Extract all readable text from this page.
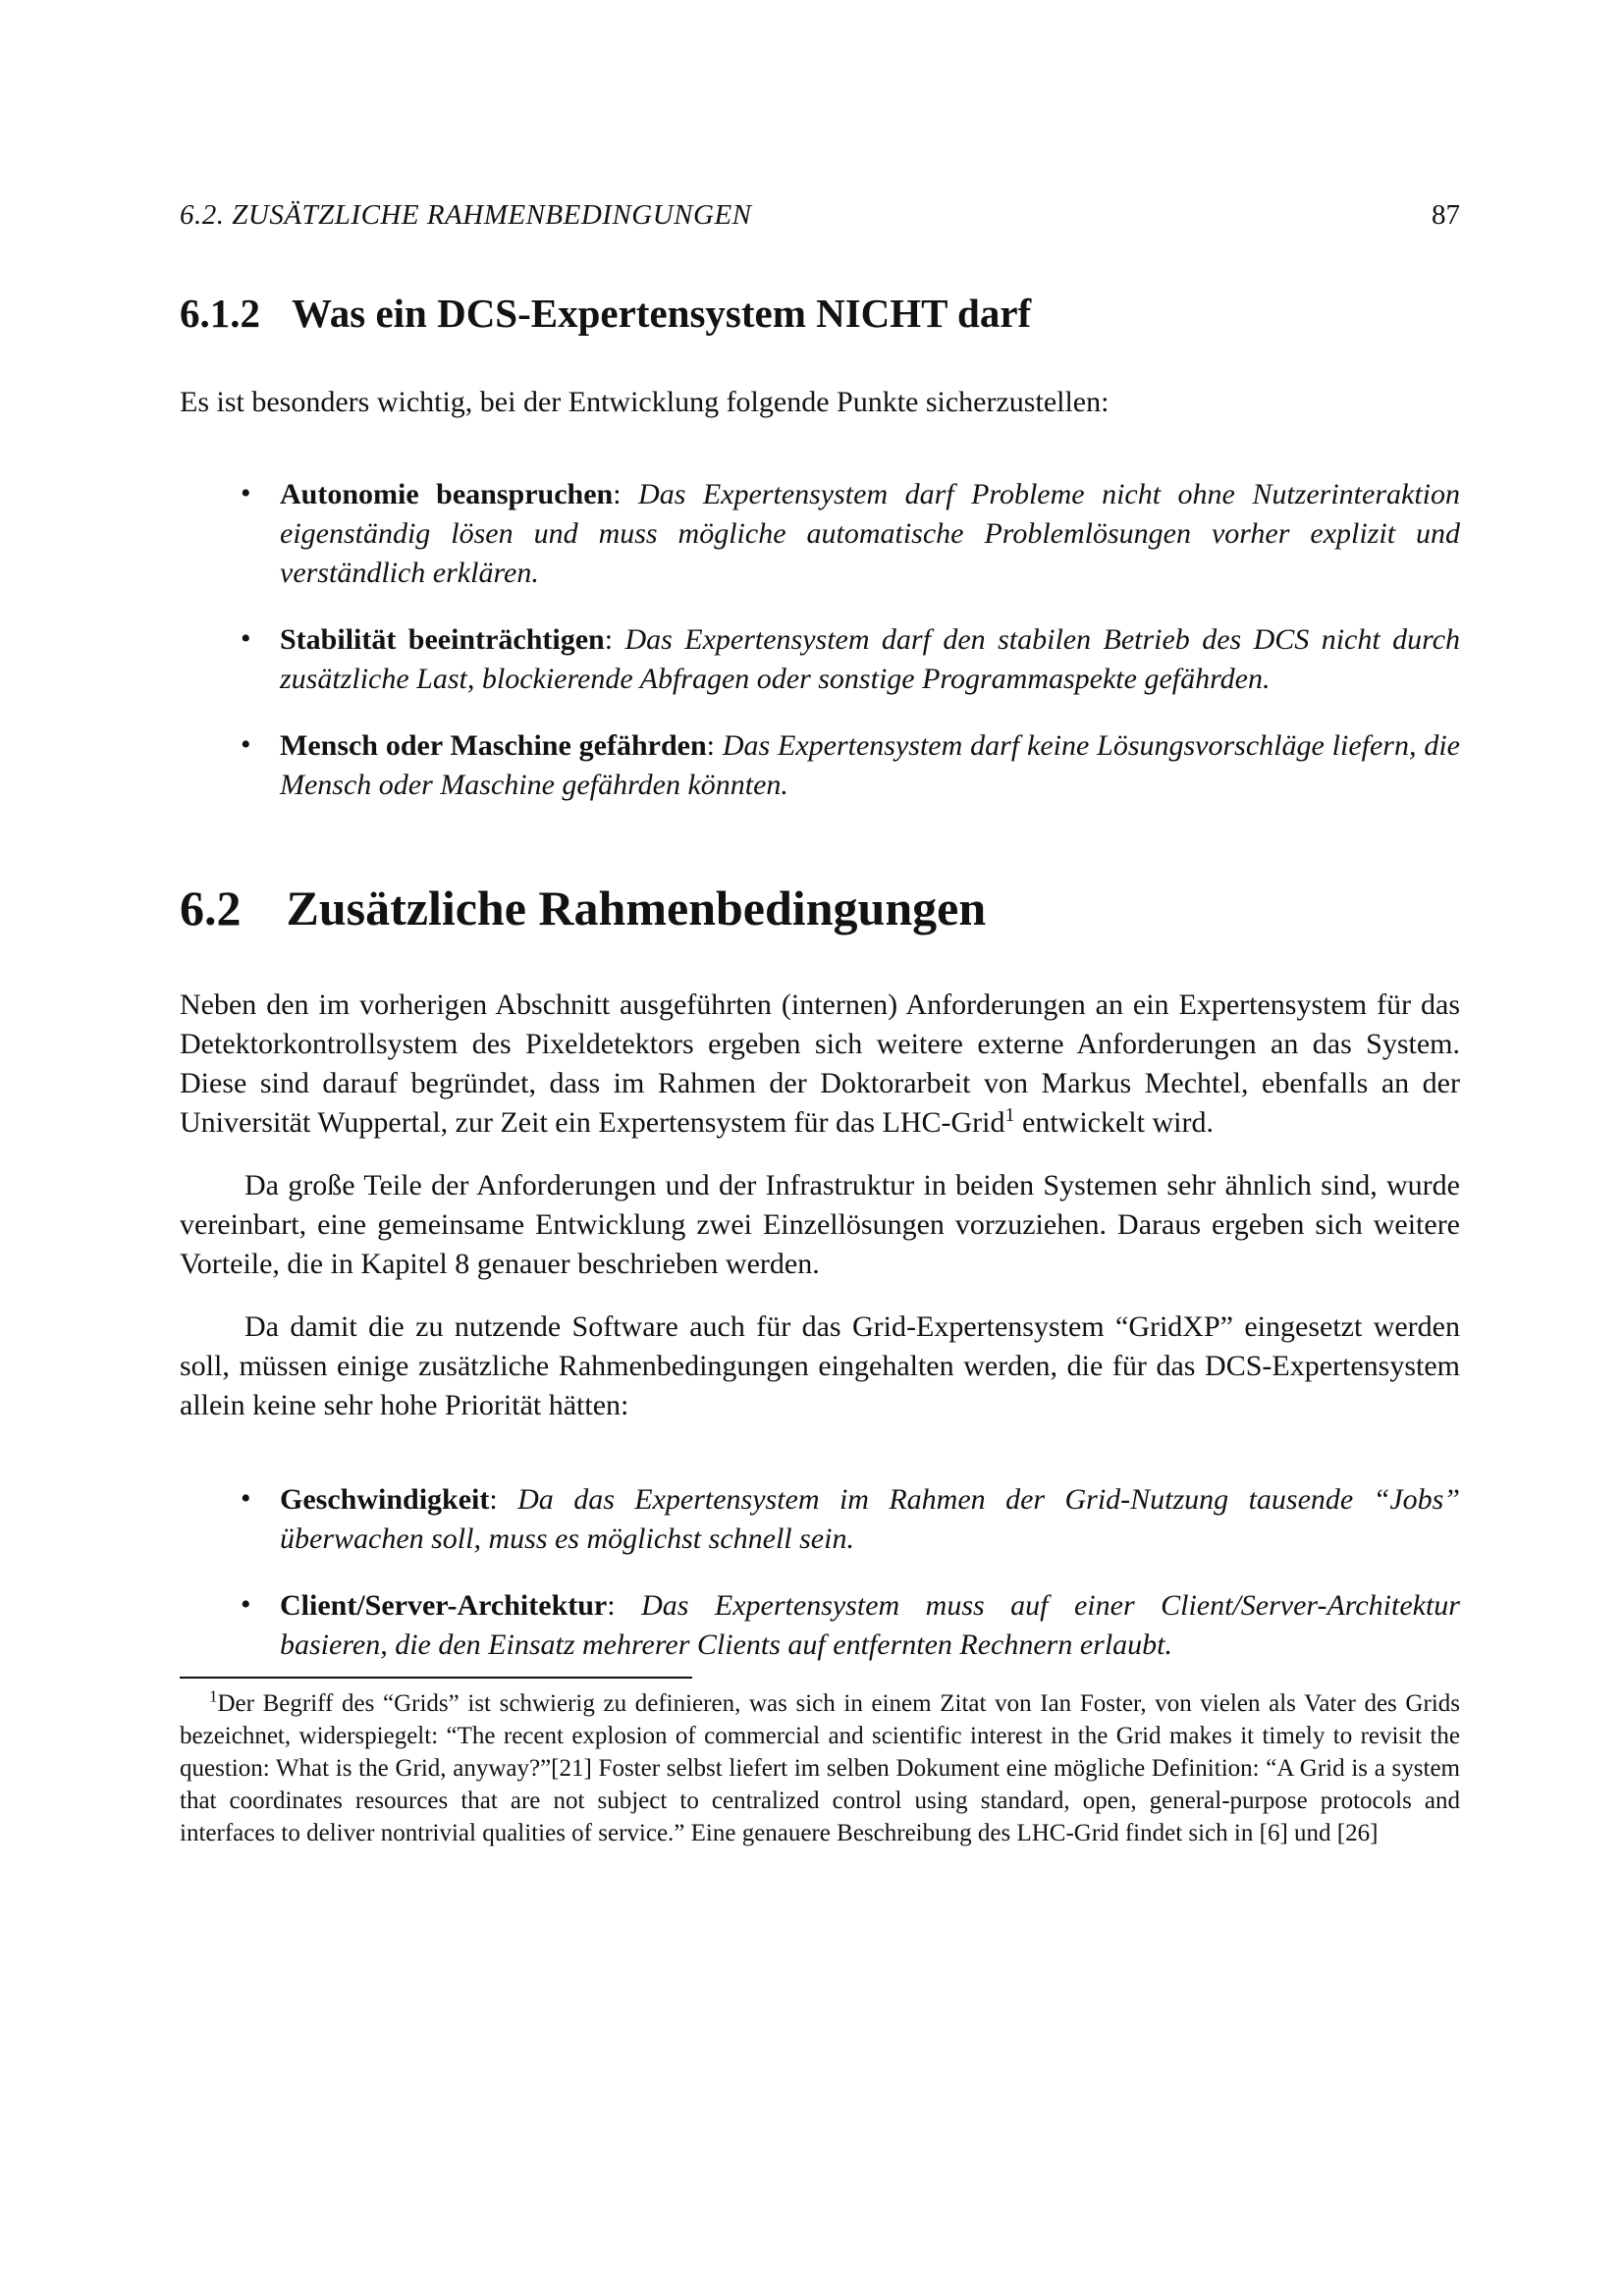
6.2. ZUSÄTZLICHE RAHMENBEDINGUNGEN	87
6.1.2 Was ein DCS-Expertensystem NICHT darf

Es ist besonders wichtig, bei der Entwicklung folgende Punkte sicherzustellen:

• Autonomie beanspruchen: Das Expertensystem darf Probleme nicht ohne Nutzerinteraktion eigenständig lösen und muss mögliche automatische Problemlösungen vorher explizit und verständlich erklären.
• Stabilität beeinträchtigen: Das Expertensystem darf den stabilen Betrieb des DCS nicht durch zusätzliche Last, blockierende Abfragen oder sonstige Programmaspekte gefährden.
• Mensch oder Maschine gefährden: Das Expertensystem darf keine Lösungsvorschläge liefern, die Mensch oder Maschine gefährden könnten.
6.2 Zusätzliche Rahmenbedingungen

Neben den im vorherigen Abschnitt ausgeführten (internen) Anforderungen an ein Expertensystem für das Detektorkontrollsystem des Pixeldetektors ergeben sich weitere externe Anforderungen an das System. Diese sind darauf begründet, dass im Rahmen der Doktorarbeit von Markus Mechtel, ebenfalls an der Universität Wuppertal, zur Zeit ein Expertensystem für das LHC-Grid$^1$ entwickelt wird.

Da große Teile der Anforderungen und der Infrastruktur in beiden Systemen sehr ähnlich sind, wurde vereinbart, eine gemeinsame Entwicklung zwei Einzellösungen vorzuziehen. Daraus ergeben sich weitere Vorteile, die in Kapitel 8 genauer beschrieben werden.

Da damit die zu nutzende Software auch für das Grid-Expertensystem “GridXP” eingesetzt werden soll, müssen einige zusätzliche Rahmenbedingungen eingehalten werden, die für das DCS-Expertensystem allein keine sehr hohe Priorität hätten:

• Geschwindigkeit: Da das Expertensystem im Rahmen der Grid-Nutzung tausende “Jobs” überwachen soll, muss es möglichst schnell sein.
• Client/Server-Architektur: Das Expertensystem muss auf einer Client/Server-Architektur basieren, die den Einsatz mehrerer Clients auf entfernten Rechnern erlaubt.

$^1$Der Begriff des “Grids” ist schwierig zu definieren, was sich in einem Zitat von Ian Foster, von vielen als Vater des Grids bezeichnet, widerspiegelt: “The recent explosion of commercial and scientific interest in the Grid makes it timely to revisit the question: What is the Grid, anyway?”[21] Foster selbst liefert im selben Dokument eine mögliche Definition: “A Grid is a system that coordinates resources that are not subject to centralized control using standard, open, general-purpose protocols and interfaces to deliver nontrivial qualities of service.” Eine genauere Beschreibung des LHC-Grid findet sich in [6] und [26]
